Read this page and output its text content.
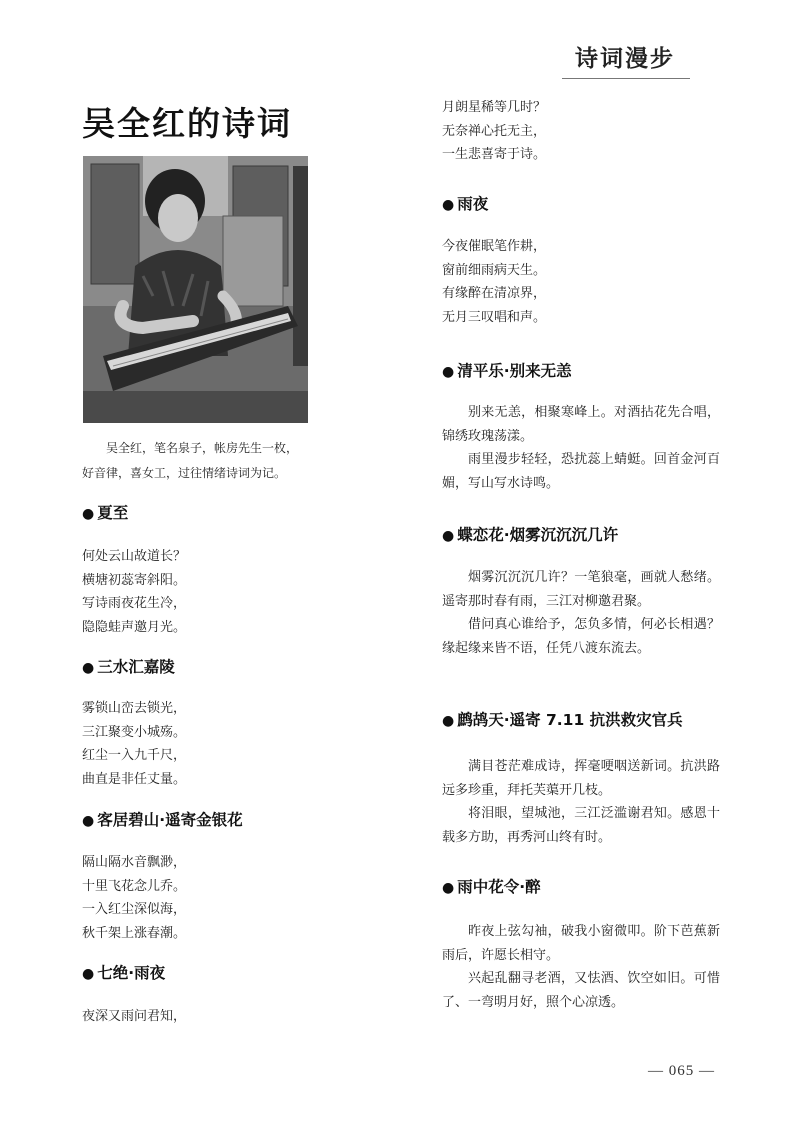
诗词漫步
吴全红的诗词

吴全红，笔名泉子，帐房先生一枚，好音律，喜女工，过往情绪诗词为记。

● 夏至
何处云山故道长？
横塘初蕊寄斜阳。
写诗雨夜花生冷，
隐隐蛙声邀月光。
● 三水汇嘉陵
雾锁山峦去锁光，
三江聚变小城殇。
红尘一入九千尺，
曲直是非任丈量。
● 客居碧山·遥寄金银花
隔山隔水音飘渺，
十里飞花念儿乔。
一入红尘深似海，
秋千架上涨春潮。
● 七绝·雨夜
夜深又雨问君知，
月朗星稀等几时？
无奈禅心托无主，
一生悲喜寄于诗。
● 雨夜
今夜催眠笔作耕，
窗前细雨病天生。
有缘醉在清凉界，
无月三叹唱和声。
● 清平乐·别来无恙

别来无恙，相聚寒峰上。对酒拈花先合唱，锦绣玫瑰荡漾。

雨里漫步轻轻，恐扰蕊上蜻蜓。回首金河百媚，写山写水诗鸣。

● 蝶恋花·烟雾沉沉沉几许

烟雾沉沉沉几许？一笔狼毫，画就人愁绪。遥寄那时春有雨，三江对柳邀君聚。

借问真心谁给予，怎负多情，何必长相遇？缘起缘来皆不语，任凭八渡东流去。

● 鹧鸪天·遥寄 7.11 抗洪救灾官兵

满目苍茫难成诗，挥毫哽咽送新词。抗洪路远多珍重，拜托芙蕖开几枝。

将泪眼，望城池，三江泛滥谢君知。感恩十载多方助，再秀河山终有时。

● 雨中花令·醉

昨夜上弦勾袖，破我小窗微叩。阶下芭蕉新雨后，许愿长相守。

兴起乱翻寻老酒，又怯酒、饮空如旧。可惜了、一弯明月好，照个心凉透。

— 065 —
